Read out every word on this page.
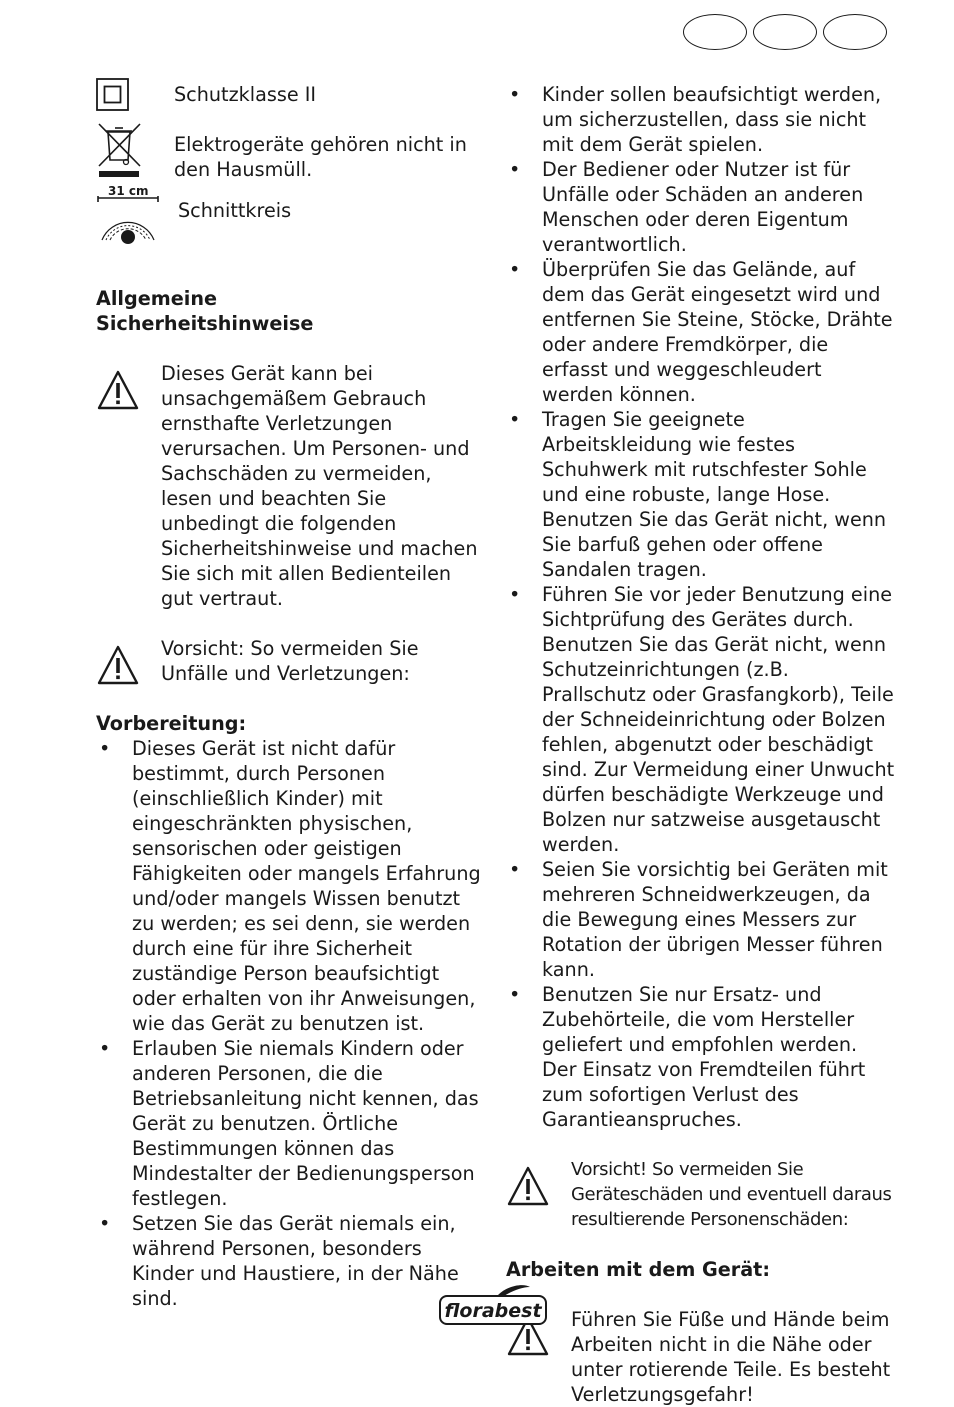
Schutzklasse II
Elektrogeräte gehören nicht in den Hausmüll.
31 cm
Schnittkreis
Allgemeine
Sicherheitshinweise
Dieses Gerät kann bei unsachgemäßem Gebrauch ernsthafte Verletzungen verursachen. Um Personen- und Sachschäden zu vermeiden, lesen und beachten Sie unbedingt die folgenden Sicherheitshinweise und machen Sie sich mit allen Bedienteilen gut vertraut.
Vorsicht: So vermeiden Sie Unfälle und Verletzungen:
Vorbereitung:
• Dieses Gerät ist nicht dafür bestimmt, durch Personen (einschließlich Kinder) mit eingeschränkten physischen, sensorischen oder geistigen Fähigkeiten oder mangels Erfahrung und/oder mangels Wissen benutzt zu werden; es sei denn, sie werden durch eine für ihre Sicherheit zuständige Person beaufsichtigt oder erhalten von ihr Anweisungen, wie das Gerät zu benutzen ist.
• Erlauben Sie niemals Kindern oder anderen Personen, die die Betriebsanleitung nicht kennen, das Gerät zu benutzen. Örtliche Bestimmungen können das Mindestalter der Bedienungsperson festlegen.
• Setzen Sie das Gerät niemals ein, während Personen, besonders Kinder und Haustiere, in der Nähe sind.
• Kinder sollen beaufsichtigt werden, um sicherzustellen, dass sie nicht mit dem Gerät spielen.
• Der Bediener oder Nutzer ist für Unfälle oder Schäden an anderen Menschen oder deren Eigentum verantwortlich.
• Überprüfen Sie das Gelände, auf dem das Gerät eingesetzt wird und entfernen Sie Steine, Stöcke, Drähte oder andere Fremdkörper, die erfasst und weggeschleudert werden können.
• Tragen Sie geeignete Arbeitskleidung wie festes Schuhwerk mit rutschfester Sohle und eine robuste, lange Hose. Benutzen Sie das Gerät nicht, wenn Sie barfuß gehen oder offene Sandalen tragen.
• Führen Sie vor jeder Benutzung eine Sichtprüfung des Gerätes durch. Benutzen Sie das Gerät nicht, wenn Schutzeinrichtungen (z.B. Prallschutz oder Grasfangkorb), Teile der Schneideinrichtung oder Bolzen fehlen, abgenutzt oder beschädigt sind. Zur Vermeidung einer Unwucht dürfen beschädigte Werkzeuge und Bolzen nur satzweise ausgetauscht werden.
• Seien Sie vorsichtig bei Geräten mit mehreren Schneidwerkzeugen, da die Bewegung eines Messers zur Rotation der übrigen Messer führen kann.
• Benutzen Sie nur Ersatz- und Zubehörteile, die vom Hersteller geliefert und empfohlen werden. Der Einsatz von Fremdteilen führt zum sofortigen Verlust des Garantieanspruches.
Vorsicht! So vermeiden Sie Geräteschäden und eventuell daraus resultierende Personenschäden:
Arbeiten mit dem Gerät:
Führen Sie Füße und Hände beim Arbeiten nicht in die Nähe oder unter rotierende Teile. Es besteht Verletzungsgefahr!
florabest
